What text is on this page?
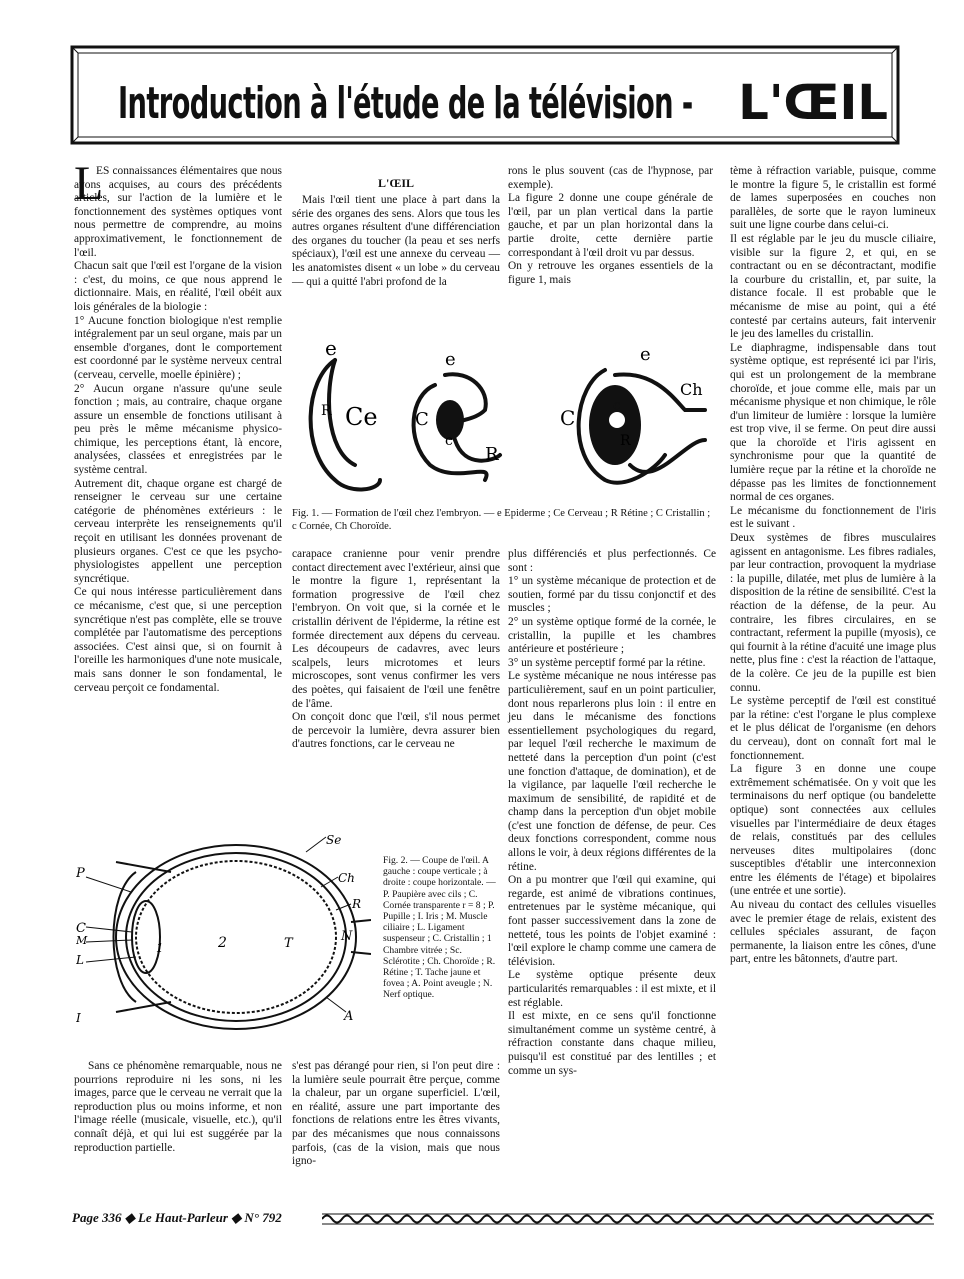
Introduction à l'étude de la télévision - L'ŒIL
L
ES connaissances élémentaires que nous avons acquises, au cours des précédents articles, sur l'action de la lumière et le fonctionnement des systèmes optiques vont nous permettre de comprendre, au moins approximativement, le fonctionnement de l'œil.
Chacun sait que l'œil est l'organe de la vision : c'est, du moins, ce que nous apprend le dictionnaire. Mais, en réalité, l'œil obéit aux lois générales de la biologie :
1° Aucune fonction biologique n'est remplie intégralement par un seul organe, mais par un ensemble d'organes, dont le comportement est coordonné par le système nerveux central (cerveau, cervelle, moelle épinière) ;
2° Aucun organe n'assure qu'une seule fonction ; mais, au contraire, chaque organe assure un ensemble de fonctions utilisant à peu près le même mécanisme physico-chimique, les perceptions étant, là encore, analysées, classées et enregistrées par le système central.
Autrement dit, chaque organe est chargé de renseigner le cerveau sur une certaine catégorie de phénomènes extérieurs : le cerveau interprète les renseignements qu'il reçoit en utilisant les données provenant de plusieurs organes. C'est ce que les psycho-physiologistes appellent une perception syncrétique.
Ce qui nous intéresse particulièrement dans ce mécanisme, c'est que, si une perception syncrétique n'est pas complète, elle se trouve complétée par l'automatisme des perceptions associées. C'est ainsi que, si on fournit à l'oreille les harmoniques d'une note musicale, mais sans donner le son fondamental, le cerveau perçoit ce fondamental.
L'ŒIL
Mais l'œil tient une place à part dans la série des organes des sens. Alors que tous les autres organes résultent d'une différenciation des organes du toucher (la peau et ses nerfs spéciaux), l'œil est une annexe du cerveau — les anatomistes disent « un lobe » du cerveau — qui a quitté l'abri profond de la
rons le plus souvent (cas de l'hypnose, par exemple).
La figure 2 donne une coupe générale de l'œil, par un plan vertical dans la partie gauche, et par un plan horizontal dans la partie droite, cette dernière partie correspondant à l'œil droit vu par dessus.
On y retrouve les organes essentiels de la figure 1, mais
e
R Ce
e
C
c
R
C
e
c
R
Ch
Fig. 1. — Formation de l'œil chez l'embryon. — e Epiderme ; Ce Cerveau ; R Rétine ; C Cristallin ; c Cornée, Ch Choroïde.
carapace cranienne pour venir prendre contact directement avec l'extérieur, ainsi que le montre la figure 1, représentant la formation progressive de l'œil chez l'embryon. On voit que, si la cornée et le cristallin dérivent de l'épiderme, la rétine est formée directement aux dépens du cerveau. Les découpeurs de cadavres, avec leurs scalpels, leurs microtomes et leurs microscopes, sont venus confirmer les vers des poètes, qui faisaient de l'œil une fenêtre de l'âme.
On conçoit donc que l'œil, s'il nous permet de percevoir la lumière, devra assurer bien d'autres fonctions, car le cerveau ne
plus différenciés et plus perfectionnés. Ce sont :
1° un système mécanique de protection et de soutien, formé par du tissu conjonctif et des muscles ;
2° un système optique formé de la cornée, le cristallin, la pupille et les chambres antérieure et postérieure ;
3° un système perceptif formé par la rétine.
Le système mécanique ne nous intéresse pas particulièrement, sauf en un point particulier, dont nous reparlerons plus loin : il entre en jeu dans le mécanisme des fonctions essentiellement psychologiques du regard, par lequel l'œil recherche le maximum de netteté dans la perception d'un point (c'est une fonction d'attaque, de domination), et de la vigilance, par laquelle l'œil recherche le maximum de sensibilité, de rapidité et de champ dans la perception d'un objet mobile (c'est une fonction de défense, de peur. Ces deux fonctions correspondent, comme nous allons le voir, à deux régions différentes de la rétine.
On a pu montrer que l'œil qui examine, qui regarde, est animé de vibrations continues, entretenues par le système mécanique, qui font passer successivement dans la zone de netteté, tous les points de l'objet examiné : l'œil explore le champ comme une camera de télévision.
Le système optique présente deux particularités remarquables : il est mixte, et il est réglable.
Il est mixte, en ce sens qu'il fonctionne simultanément comme un système centré, à réfraction constante dans chaque milieu, puisqu'il est constitué par des lentilles ; et comme un sys-
tème à réfraction variable, puisque, comme le montre la figure 5, le cristallin est formé de lames superposées en couches non parallèles, de sorte que le rayon lumineux suit une ligne courbe dans celui-ci.
Il est réglable par le jeu du muscle ciliaire, visible sur la figure 2, et qui, en se contractant ou en se décontractant, modifie la courbure du cristallin, et, par suite, la distance focale. Il est probable que le mécanisme de mise au point, qui a été contesté par certains auteurs, fait intervenir le jeu des lamelles du cristallin.
Le diaphragme, indispensable dans tout système optique, est représenté ici par l'iris, qui est un prolongement de la membrane choroïde, et joue comme elle, mais par un mécanisme physique et non chimique, le rôle d'un limiteur de lumière : lorsque la lumière est trop vive, il se ferme. On peut dire aussi que la choroïde et l'iris agissent en synchronisme pour que la quantité de lumière reçue par la rétine et la choroïde ne dépasse pas les limites de fonctionnement normal de ces organes.
Le mécanisme du fonctionnement de l'iris est le suivant .
Deux systèmes de fibres musculaires agissent en antagonisme. Les fibres radiales, par leur contraction, provoquent la mydriase : la pupille, dilatée, met plus de lumière à la disposition de la rétine de sensibilité. C'est la réaction de la défense, de la peur. Au contraire, les fibres circulaires, en se contractant, referment la pupille (myosis), ce qui fournit à la rétine d'acuité une image plus nette, plus fine : c'est la réaction de l'attaque, de la colère. Ce jeu de la pupille est bien connu.
Le système perceptif de l'œil est constitué par la rétine: c'est l'organe le plus complexe et le plus délicat de l'organisme (en dehors du cerveau), dont on connaît fort mal le fonctionnement.
La figure 3 en donne une coupe extrêmement schématisée. On y voit que les terminaisons du nerf optique (ou bandelette optique) sont connectées aux cellules visuelles par l'intermédiaire de deux étages de relais, constitués par des cellules nerveuses dites multipolaires (donc susceptibles d'établir une interconnexion entre les éléments de l'étage) et bipolaires (une entrée et une sortie).
Au niveau du contact des cellules visuelles avec le premier étage de relais, existent des cellules spéciales assurant, de façon permanente, la liaison entre les cônes, d'une part, entre les bâtonnets, d'autre part.
P
C
M
L
I
2
1
Se
Ch
R
T	N
A
Fig. 2. — Coupe de l'œil. A gauche : coupe verticale ; à droite : coupe horizontale. — P. Paupière avec cils ; C. Cornée transparente r = 8 ; P. Pupille ; I. Iris ; M. Muscle ciliaire ; L. Ligament suspenseur ; C. Cristallin ; 1 Chambre vitrée ; Sc. Sclérotite ; Ch. Choroïde ; R. Rétine ; T. Tache jaune et fovea ; A. Point aveugle ; N. Nerf optique.
Sans ce phénomène remarquable, nous ne pourrions reproduire ni les sons, ni les images, parce que le cerveau ne verrait que la reproduction plus ou moins informe, et non l'image réelle (musicale, visuelle, etc.), qu'il connaît déjà, et qui lui est suggérée par la reproduction partielle.
s'est pas dérangé pour rien, si l'on peut dire : la lumière seule pourrait être perçue, comme la chaleur, par un organe superficiel. L'œil, en réalité, assure une part importante des fonctions de relations entre les êtres vivants, par des mécanismes que nous connaissons parfois, (cas de la vision, mais que nous igno-
Page 336 ◆ Le Haut-Parleur ◆ N° 792
